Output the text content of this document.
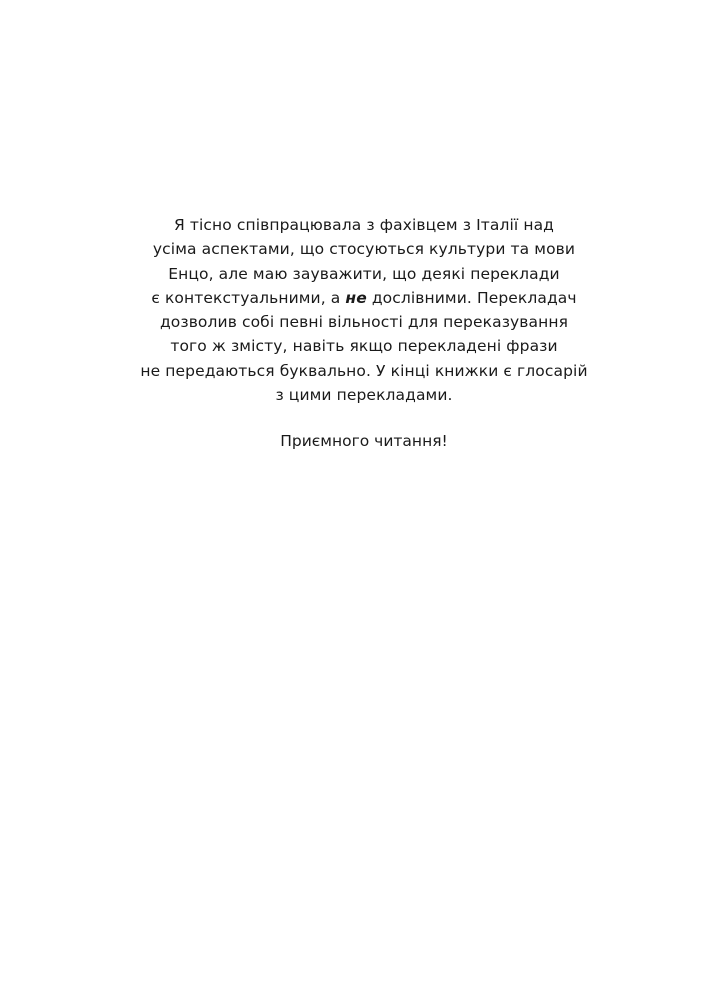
Я тісно співпрацювала з фахівцем з Італії над
усіма аспектами, що стосуються культури та мови
Енцо, але маю зауважити, що деякі переклади
є контекстуальними, а не дослівними. Перекладач
дозволив собі певні вільності для переказування
того ж змісту, навіть якщо перекладені фрази
не передаються буквально. У кінці книжки є глосарій
з цими перекладами.
Приємного читання!
